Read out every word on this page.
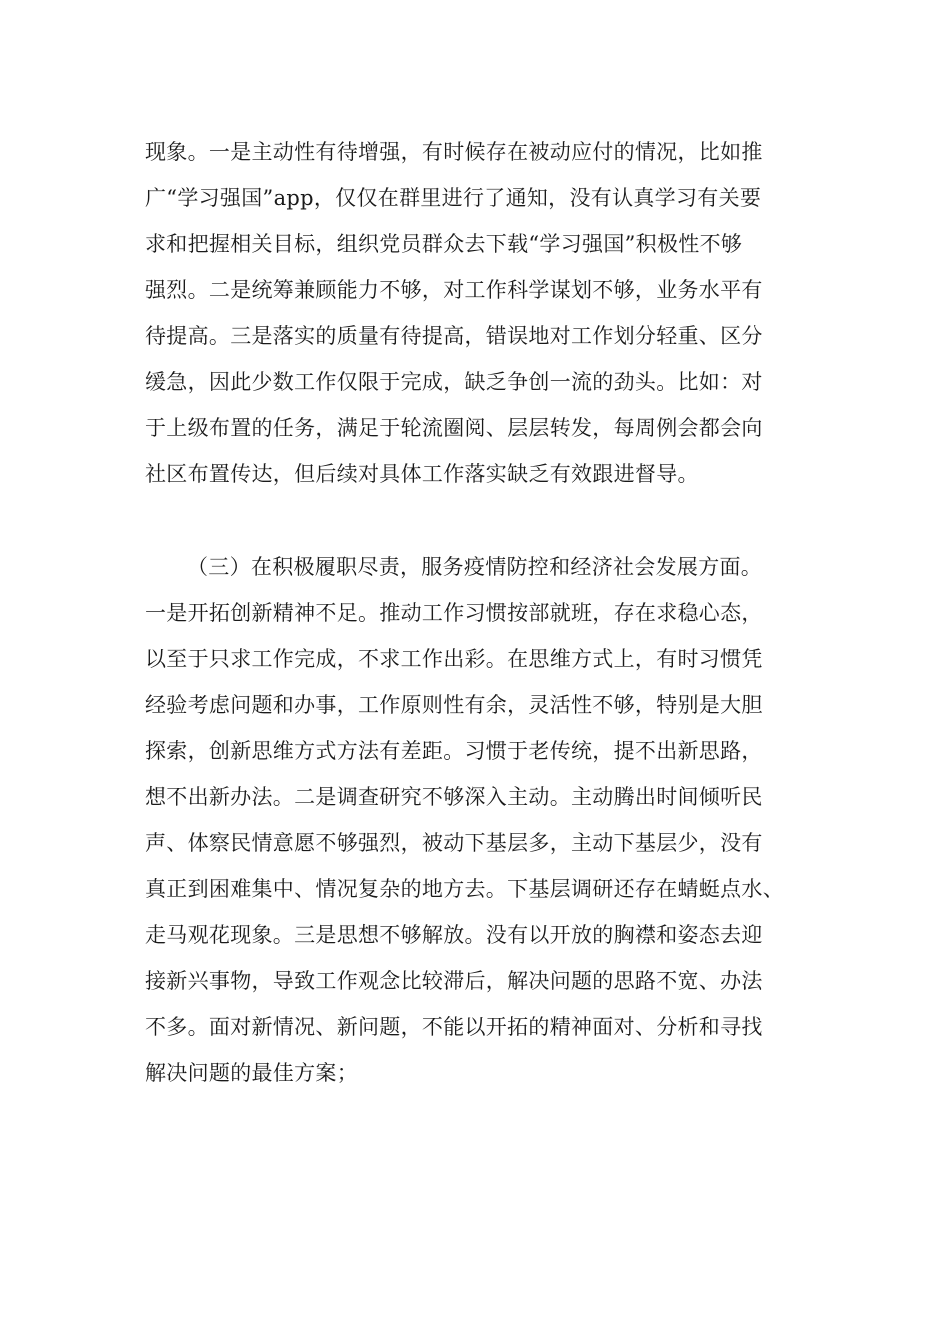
现象。一是主动性有待增强，有时候存在被动应付的情况，比如推
广“学习强国”app，仅仅在群里进行了通知，没有认真学习有关要
求和把握相关目标，组织党员群众去下载“学习强国”积极性不够
强烈。二是统筹兼顾能力不够，对工作科学谋划不够，业务水平有
待提高。三是落实的质量有待提高，错误地对工作划分轻重、区分
缓急，因此少数工作仅限于完成，缺乏争创一流的劲头。比如：对
于上级布置的任务，满足于轮流圈阅、层层转发，每周例会都会向
社区布置传达，但后续对具体工作落实缺乏有效跟进督导。
（三）在积极履职尽责，服务疫情防控和经济社会发展方面。
一是开拓创新精神不足。推动工作习惯按部就班，存在求稳心态，
以至于只求工作完成，不求工作出彩。在思维方式上，有时习惯凭
经验考虑问题和办事，工作原则性有余，灵活性不够，特别是大胆
探索，创新思维方式方法有差距。习惯于老传统，提不出新思路，
想不出新办法。二是调查研究不够深入主动。主动腾出时间倾听民
声、体察民情意愿不够强烈，被动下基层多，主动下基层少，没有
真正到困难集中、情况复杂的地方去。下基层调研还存在蜻蜓点水、
走马观花现象。三是思想不够解放。没有以开放的胸襟和姿态去迎
接新兴事物，导致工作观念比较滞后，解决问题的思路不宽、办法
不多。面对新情况、新问题，不能以开拓的精神面对、分析和寻找
解决问题的最佳方案；
